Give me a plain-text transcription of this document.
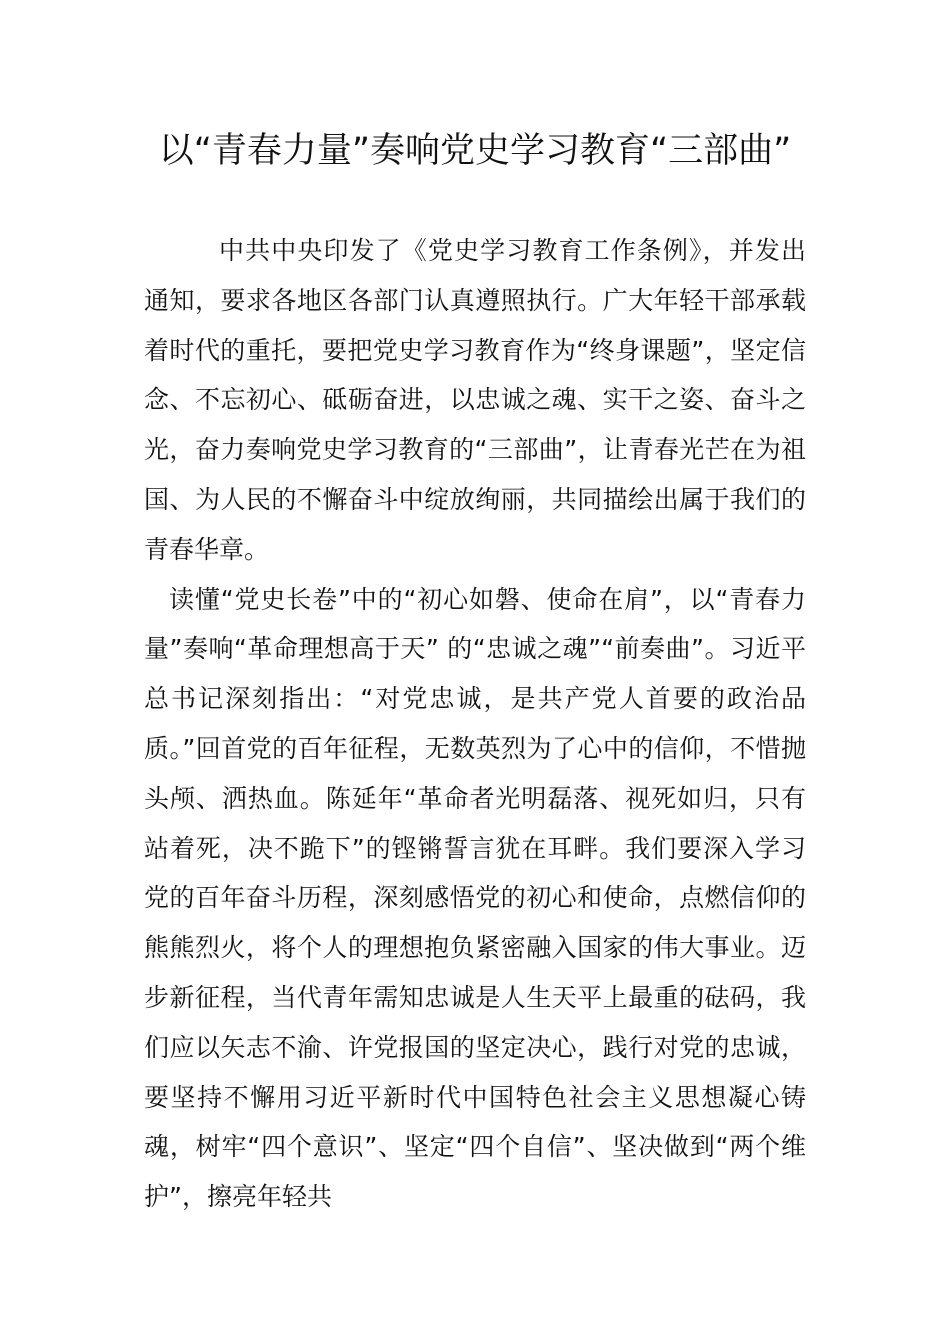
以“青春力量”奏响党史学习教育“三部曲”

中共中央印发了《党史学习教育工作条例》，并发出通知，要求各地区各部门认真遵照执行。广大年轻干部承载着时代的重托，要把党史学习教育作为“终身课题”，坚定信念、不忘初心、砥砺奋进，以忠诚之魂、实干之姿、奋斗之光，奋力奏响党史学习教育的“三部曲”，让青春光芒在为祖国、为人民的不懈奋斗中绽放绚丽，共同描绘出属于我们的青春华章。

读懂“党史长卷”中的“初心如磐、使命在肩”，以“青春力量”奏响“革命理想高于天” 的“忠诚之魂”“前奏曲”。习近平总书记深刻指出：“对党忠诚，是共产党人首要的政治品质。”回首党的百年征程，无数英烈为了心中的信仰，不惜抛头颅、洒热血。陈延年“革命者光明磊落、视死如归，只有站着死，决不跪下”的铿锵誓言犹在耳畔。我们要深入学习党的百年奋斗历程，深刻感悟党的初心和使命，点燃信仰的熊熊烈火，将个人的理想抱负紧密融入国家的伟大事业。迈步新征程，当代青年需知忠诚是人生天平上最重的砝码，我们应以矢志不渝、许党报国的坚定决心，践行对党的忠诚，要坚持不懈用习近平新时代中国特色社会主义思想凝心铸魂，树牢“四个意识”、坚定“四个自信”、坚决做到“两个维护”，擦亮年轻共
